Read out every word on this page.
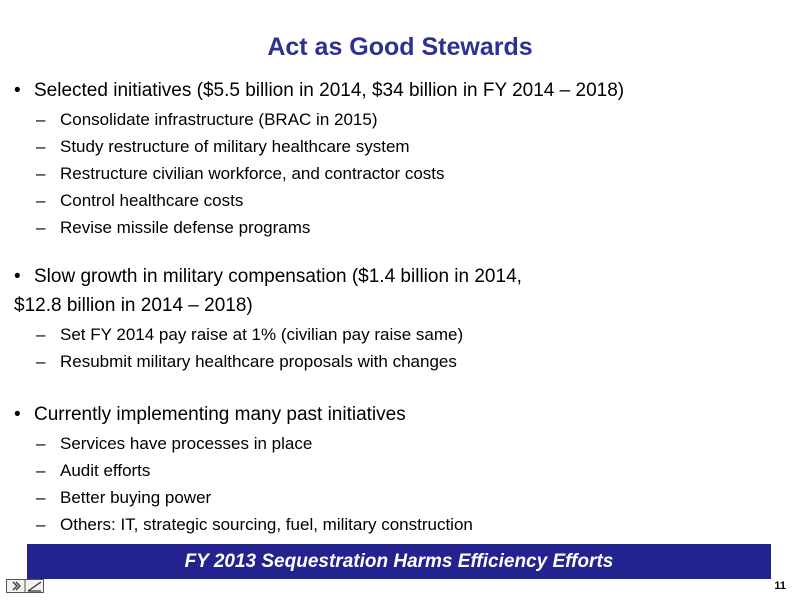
Act as Good Stewards
• Selected initiatives ($5.5 billion in 2014, $34 billion in FY 2014 – 2018)
– Consolidate infrastructure (BRAC in 2015)
– Study restructure of military healthcare system
– Restructure civilian workforce, and contractor costs
– Control healthcare costs
– Revise missile defense programs
• Slow growth in military compensation ($1.4 billion in 2014,
$12.8 billion in 2014 – 2018)
– Set FY 2014 pay raise at 1% (civilian pay raise same)
– Resubmit military healthcare proposals with changes
• Currently implementing many past initiatives
– Services have processes in place
– Audit efforts
– Better buying power
– Others: IT, strategic sourcing, fuel, military construction
FY 2013 Sequestration Harms Efficiency Efforts
11
